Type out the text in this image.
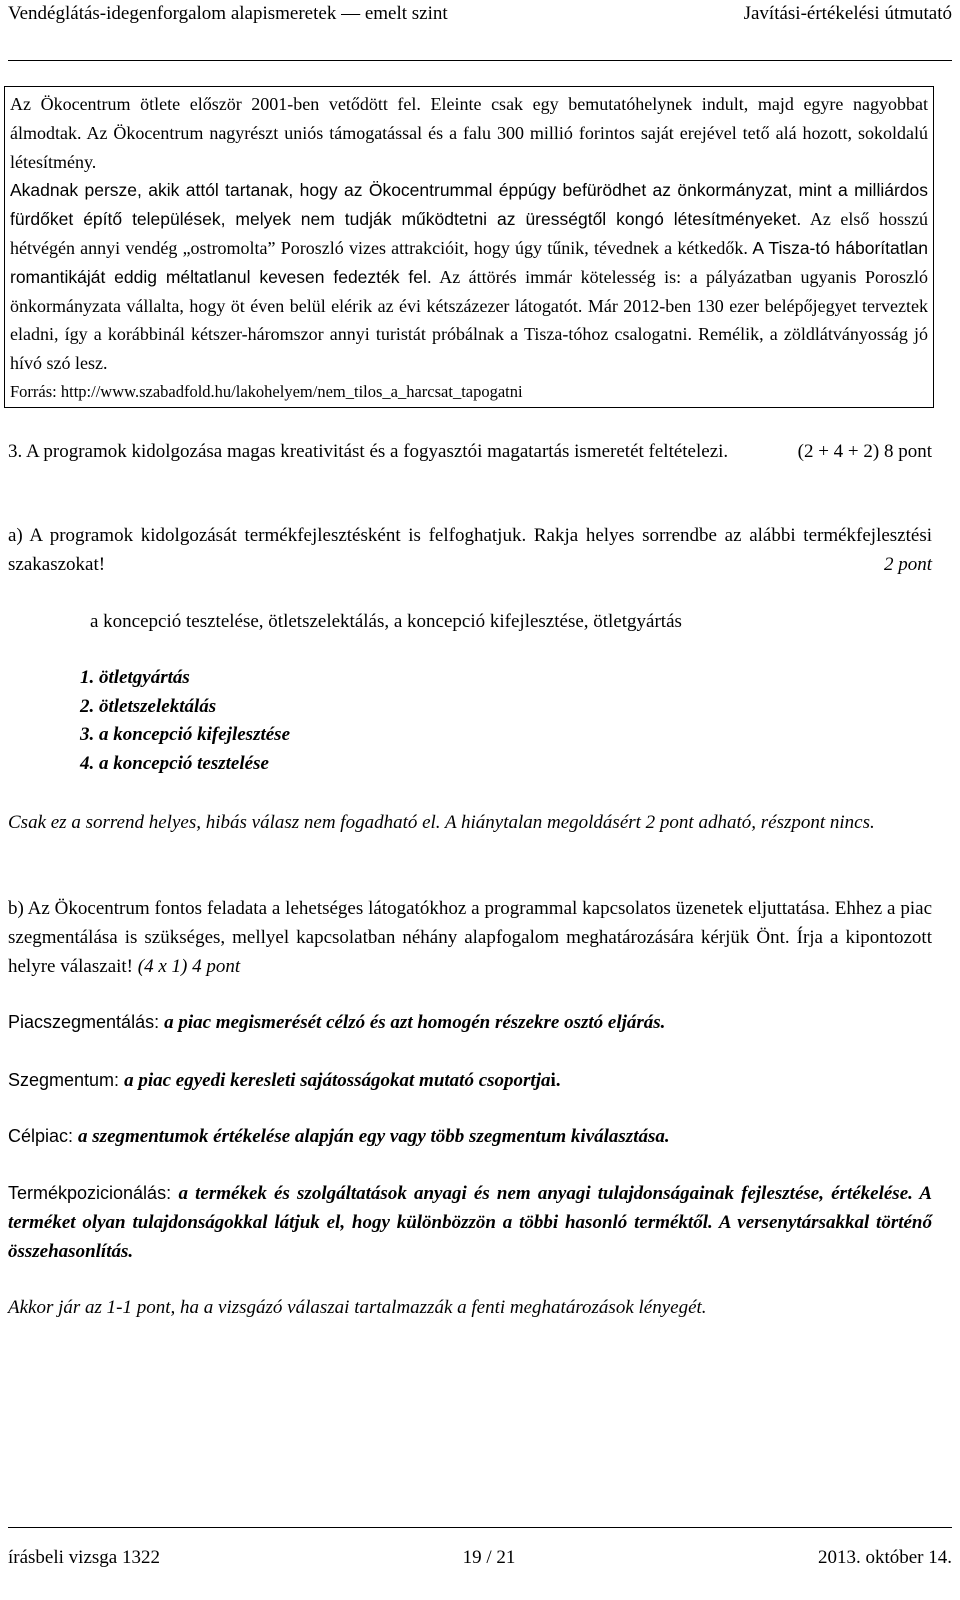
Vendéglátás-idegenforgalom alapismeretek — emelt szint	Javítási-értékelési útmutató

Az Ökocentrum ötlete először 2001-ben vetődött fel. Eleinte csak egy bemutatóhelynek indult, majd egyre nagyobbat álmodtak. Az Ökocentrum nagyrészt uniós támogatással és a falu 300 millió forintos saját erejével tető alá hozott, sokoldalú létesítmény.

Akadnak persze, akik attól tartanak, hogy az Ökocentrummal éppúgy befürödhet az önkormányzat, mint a milliárdos fürdőket építő települések, melyek nem tudják működtetni az ürességtől kongó létesítményeket. Az első hosszú hétvégén annyi vendég „ostromolta” Poroszló vizes attrakcióit, hogy úgy tűnik, tévednek a kétkedők. A Tisza-tó háborítatlan romantikáját eddig méltatlanul kevesen fedezték fel. Az áttörés immár kötelesség is: a pályázatban ugyanis Poroszló önkormányzata vállalta, hogy öt éven belül elérik az évi kétszázezer látogatót. Már 2012-ben 130 ezer belépőjegyet terveztek eladni, így a korábbinál kétszer-háromszor annyi turistát próbálnak a Tisza-tóhoz csalogatni. Remélik, a zöldlátványosság jó hívó szó lesz.

Forrás: http://www.szabadfold.hu/lakohelyem/nem_tilos_a_harcsat_tapogatni

3. A programok kidolgozása magas kreativitást és a fogyasztói magatartás ismeretét feltételezi.	(2 + 4 + 2) 8 pont

a) A programok kidolgozását termékfejlesztésként is felfoghatjuk. Rakja helyes sorrendbe az alábbi termékfejlesztési szakaszokat!	2 pont

a koncepció tesztelése, ötletszelektálás, a koncepció kifejlesztése, ötletgyártás
1. ötletgyártás
2. ötletszelektálás
3. a koncepció kifejlesztése
4. a koncepció tesztelése
Csak ez a sorrend helyes, hibás válasz nem fogadható el. A hiánytalan megoldásért 2 pont adható, részpont nincs.

b) Az Ökocentrum fontos feladata a lehetséges látogatókhoz a programmal kapcsolatos üzenetek eljuttatása. Ehhez a piac szegmentálása is szükséges, mellyel kapcsolatban néhány alapfogalom meghatározására kérjük Önt. Írja a kipontozott helyre válaszait! (4 x 1) 4 pont

Piacszegmentálás: a piac megismerését célzó és azt homogén részekre osztó eljárás.
Szegmentum: a piac egyedi keresleti sajátosságokat mutató csoportjai.
Célpiac: a szegmentumok értékelése alapján egy vagy több szegmentum kiválasztása.
Termékpozicionálás: a termékek és szolgáltatások anyagi és nem anyagi tulajdonságainak fejlesztése, értékelése. A terméket olyan tulajdonságokkal látjuk el, hogy különbözzön a többi hasonló terméktől. A versenytársakkal történő összehasonlítás.
Akkor jár az 1-1 pont, ha a vizsgázó válaszai tartalmazzák a fenti meghatározások lényegét.
írásbeli vizsga 1322	19 / 21	2013. október 14.
